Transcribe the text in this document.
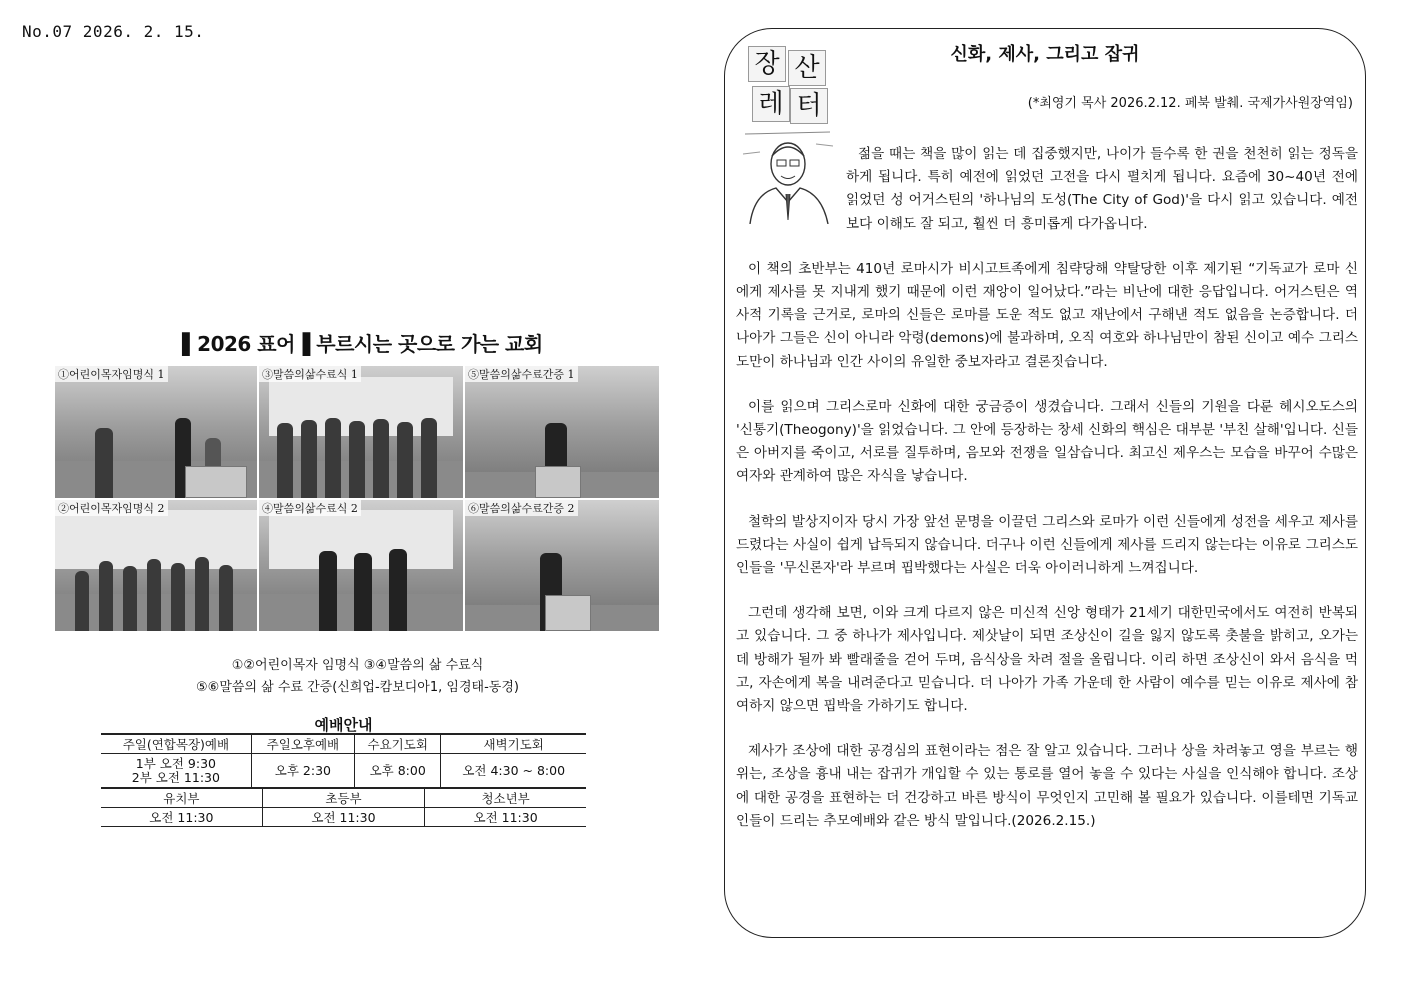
No.07 2026. 2. 15.
▌2026 표어▐ 부르시는 곳으로 가는 교회
①어린이목자임명식 1	③말씀의삶수료식 1	⑤말씀의삶수료간증 1
②어린이목자임명식 2	④말씀의삶수료식 2	⑥말씀의삶수료간증 2
①②어린이목자 임명식 ③④말씀의 삶 수료식
⑤⑥말씀의 삶 수료 간증(신희업-캄보디아1, 임경태-동경)
예배안내
주일(연합목장)예배	주일오후예배	수요기도회	새벽기도회
1부 오전 9:30
2부 오전 11:30	오후 2:30	오후 8:00	오전 4:30 ~ 8:00
유치부	초등부	청소년부
오전 11:30	오전 11:30	오전 11:30
장 산
레 터
신화, 제사, 그리고 잡귀
(*최영기 목사 2026.2.12. 페북 발췌. 국제가사원장역임)

젊을 때는 책을 많이 읽는 데 집중했지만, 나이가 들수록 한 권을 천천히 읽는 정독을 하게 됩니다. 특히 예전에 읽었던 고전을 다시 펼치게 됩니다. 요즘에 30~40년 전에 읽었던 성 어거스틴의 '하나님의 도성(The City of God)'을 다시 읽고 있습니다. 예전보다 이해도 잘 되고, 훨씬 더 흥미롭게 다가옵니다.

이 책의 초반부는 410년 로마시가 비시고트족에게 침략당해 약탈당한 이후 제기된 “기독교가 로마 신에게 제사를 못 지내게 했기 때문에 이런 재앙이 일어났다.”라는 비난에 대한 응답입니다. 어거스틴은 역사적 기록을 근거로, 로마의 신들은 로마를 도운 적도 없고 재난에서 구해낸 적도 없음을 논증합니다. 더 나아가 그들은 신이 아니라 악령(demons)에 불과하며, 오직 여호와 하나님만이 참된 신이고 예수 그리스도만이 하나님과 인간 사이의 유일한 중보자라고 결론짓습니다.

이를 읽으며 그리스로마 신화에 대한 궁금증이 생겼습니다. 그래서 신들의 기원을 다룬 헤시오도스의 '신통기(Theogony)'을 읽었습니다. 그 안에 등장하는 창세 신화의 핵심은 대부분 '부친 살해'입니다. 신들은 아버지를 죽이고, 서로를 질투하며, 음모와 전쟁을 일삼습니다. 최고신 제우스는 모습을 바꾸어 수많은 여자와 관계하여 많은 자식을 낳습니다.

철학의 발상지이자 당시 가장 앞선 문명을 이끌던 그리스와 로마가 이런 신들에게 성전을 세우고 제사를 드렸다는 사실이 쉽게 납득되지 않습니다. 더구나 이런 신들에게 제사를 드리지 않는다는 이유로 그리스도인들을 '무신론자'라 부르며 핍박했다는 사실은 더욱 아이러니하게 느껴집니다.

그런데 생각해 보면, 이와 크게 다르지 않은 미신적 신앙 형태가 21세기 대한민국에서도 여전히 반복되고 있습니다. 그 중 하나가 제사입니다. 제삿날이 되면 조상신이 길을 잃지 않도록 촛불을 밝히고, 오가는데 방해가 될까 봐 빨래줄을 걷어 두며, 음식상을 차려 절을 올립니다. 이리 하면 조상신이 와서 음식을 먹고, 자손에게 복을 내려준다고 믿습니다. 더 나아가 가족 가운데 한 사람이 예수를 믿는 이유로 제사에 참여하지 않으면 핍박을 가하기도 합니다.

제사가 조상에 대한 공경심의 표현이라는 점은 잘 알고 있습니다. 그러나 상을 차려놓고 영을 부르는 행위는, 조상을 흉내 내는 잡귀가 개입할 수 있는 통로를 열어 놓을 수 있다는 사실을 인식해야 합니다. 조상에 대한 공경을 표현하는 더 건강하고 바른 방식이 무엇인지 고민해 볼 필요가 있습니다. 이를테면 기독교인들이 드리는 추모예배와 같은 방식 말입니다.(2026.2.15.)
